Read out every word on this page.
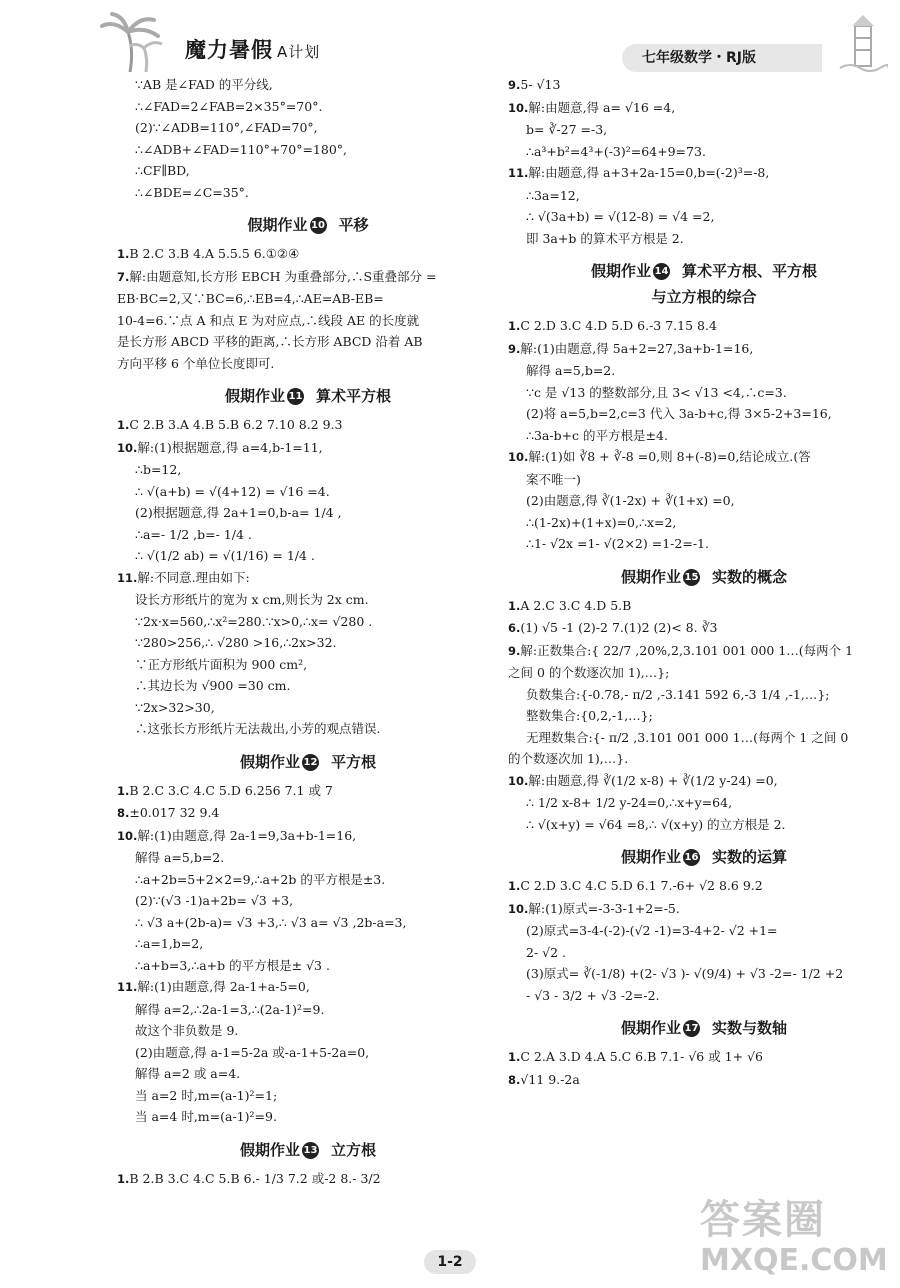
魔力暑假 A计划	七年级数学・RJ版
∵AB 是∠FAD 的平分线,
∴∠FAD=2∠FAB=2×35°=70°.
(2)∵∠ADB=110°,∠FAD=70°,
∴∠ADB+∠FAD=110°+70°=180°,
∴CF∥BD,
∴∠BDE=∠C=35°.
假期作业 10 平移
1.B 2.C 3.B 4.A 5.5.5 6.①②④
7.解:由题意知,长方形 EBCH 为重叠部分,∴S重叠部分 =
EB·BC=2,又∵BC=6,∴EB=4,∴AE=AB-EB=
10-4=6.∵点 A 和点 E 为对应点,∴线段 AE 的长度就
是长方形 ABCD 平移的距离,∴长方形 ABCD 沿着 AB
方向平移 6 个单位长度即可.
假期作业 11 算术平方根
1.C 2.B 3.A 4.B 5.B 6.2 7.10 8.2 9.3
10.解:(1)根据题意,得 a=4,b-1=11,
∴b=12,
∴ √(a+b) = √(4+12) = √16 =4.
(2)根据题意,得 2a+1=0,b-a= 1/4 ,
∴a=- 1/2 ,b=- 1/4 .
∴ √(1/2 ab) = √(1/16) = 1/4 .
11.解:不同意.理由如下:
设长方形纸片的宽为 x cm,则长为 2x cm.
∵2x·x=560,∴x²=280.∵x>0,∴x= √280 .
∵280>256,∴ √280 >16,∴2x>32.
∵正方形纸片面积为 900 cm²,
∴其边长为 √900 =30 cm.
∵2x>32>30,
∴这张长方形纸片无法裁出,小芳的观点错误.
假期作业 12 平方根
1.B 2.C 3.C 4.C 5.D 6.256 7.1 或 7
8.±0.017 32 9.4
10.解:(1)由题意,得 2a-1=9,3a+b-1=16,
解得 a=5,b=2.
∴a+2b=5+2×2=9,∴a+2b 的平方根是±3.
(2)∵(√3 -1)a+2b= √3 +3,
∴ √3 a+(2b-a)= √3 +3,∴ √3 a= √3 ,2b-a=3,
∴a=1,b=2,
∴a+b=3,∴a+b 的平方根是± √3 .
11.解:(1)由题意,得 2a-1+a-5=0,
解得 a=2,∴2a-1=3,∴(2a-1)²=9.
故这个非负数是 9.
(2)由题意,得 a-1=5-2a 或-a-1+5-2a=0,
解得 a=2 或 a=4.
当 a=2 时,m=(a-1)²=1;
当 a=4 时,m=(a-1)²=9.
假期作业 13 立方根
1.B 2.B 3.C 4.C 5.B 6.- 1/3 7.2 或-2 8.- 3/2
9.5- √13
10.解:由题意,得 a= √16 =4,
b= ∛-27 =-3,
∴a³+b²=4³+(-3)²=64+9=73.
11.解:由题意,得 a+3+2a-15=0,b=(-2)³=-8,
∴3a=12,
∴ √(3a+b) = √(12-8) = √4 =2,
即 3a+b 的算术平方根是 2.
假期作业 14 算术平方根、平方根
与立方根的综合
1.C 2.D 3.C 4.D 5.D 6.-3 7.15 8.4
9.解:(1)由题意,得 5a+2=27,3a+b-1=16,
解得 a=5,b=2.
∵c 是 √13 的整数部分,且 3< √13 <4,∴c=3.
(2)将 a=5,b=2,c=3 代入 3a-b+c,得 3×5-2+3=16,
∴3a-b+c 的平方根是±4.
10.解:(1)如 ∛8 + ∛-8 =0,则 8+(-8)=0,结论成立.(答
案不唯一)
(2)由题意,得 ∛(1-2x) + ∛(1+x) =0,
∴(1-2x)+(1+x)=0,∴x=2,
∴1- √2x =1- √(2×2) =1-2=-1.
假期作业 15 实数的概念
1.A 2.C 3.C 4.D 5.B
6.(1) √5 -1 (2)-2 7.(1)2 (2)< 8. ∛3
9.解:正数集合:{ 22/7 ,20%,2,3.101 001 000 1…(每两个 1
之间 0 的个数逐次加 1),…};
负数集合:{-0.78,- π/2 ,-3.141 592 6,-3 1/4 ,-1,…};
整数集合:{0,2,-1,…};
无理数集合:{- π/2 ,3.101 001 000 1…(每两个 1 之间 0
的个数逐次加 1),…}.
10.解:由题意,得 ∛(1/2 x-8) + ∛(1/2 y-24) =0,
∴ 1/2 x-8+ 1/2 y-24=0,∴x+y=64,
∴ √(x+y) = √64 =8,∴ √(x+y) 的立方根是 2.
假期作业 16 实数的运算
1.C 2.D 3.C 4.C 5.D 6.1 7.-6+ √2 8.6 9.2
10.解:(1)原式=-3-3-1+2=-5.
(2)原式=3-4-(-2)-(√2 -1)=3-4+2- √2 +1=
2- √2 .
(3)原式= ∛(-1/8) +(2- √3 )- √(9/4) + √3 -2=- 1/2 +2
- √3 - 3/2 + √3 -2=-2.
假期作业 17 实数与数轴
1.C 2.A 3.D 4.A 5.C 6.B 7.1- √6 或 1+ √6
8.√11 9.-2a
1-2
答案圈
MXQE.COM
